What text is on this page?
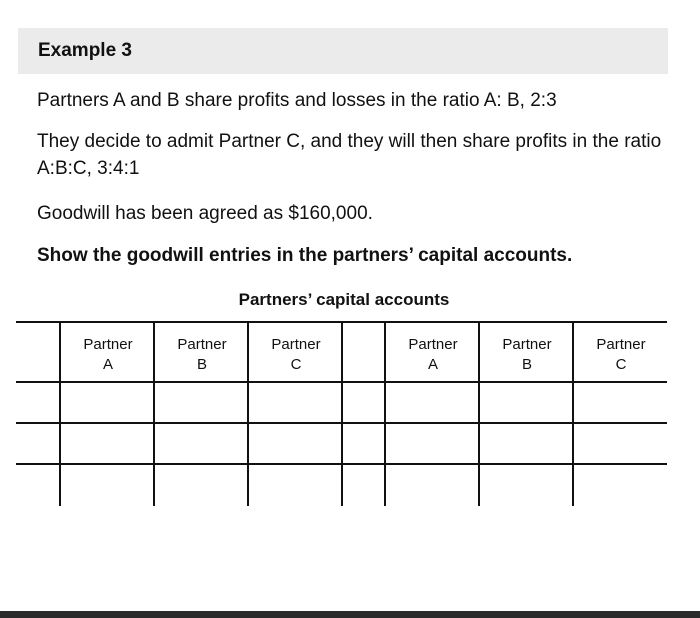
Example 3
Partners A and B share profits and losses in the ratio A: B, 2:3
They decide to admit Partner C, and they will then share profits in the ratio A:B:C, 3:4:1
Goodwill has been agreed as $160,000.
Show the goodwill entries in the partners’ capital accounts.
Partners’ capital accounts
Partner
A
Partner
B
Partner
C
Partner
A
Partner
B
Partner
C
